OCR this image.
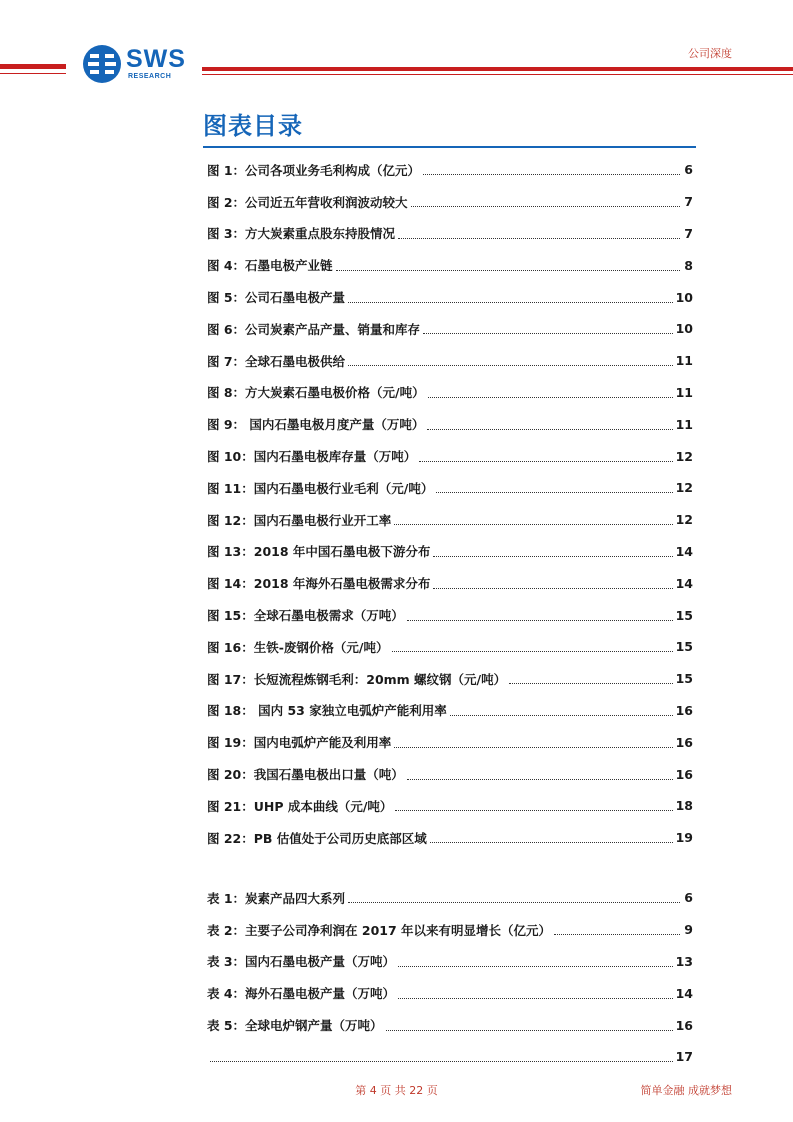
SWS
RESEARCH
公司深度
图表目录
图 1：公司各项业务毛利构成（亿元）	6
图 2：公司近五年营收利润波动较大	7
图 3：方大炭素重点股东持股情况	7
图 4：石墨电极产业链	8
图 5：公司石墨电极产量	10
图 6：公司炭素产品产量、销量和库存	10
图 7：全球石墨电极供给	11
图 8：方大炭素石墨电极价格（元/吨）	11
图 9： 国内石墨电极月度产量（万吨）	11
图 10：国内石墨电极库存量（万吨）	12
图 11：国内石墨电极行业毛利（元/吨）	12
图 12：国内石墨电极行业开工率	12
图 13：2018 年中国石墨电极下游分布	14
图 14：2018 年海外石墨电极需求分布	14
图 15：全球石墨电极需求（万吨）	15
图 16：生铁-废钢价格（元/吨）	15
图 17：长短流程炼钢毛利：20mm 螺纹钢（元/吨）	15
图 18： 国内 53 家独立电弧炉产能利用率	16
图 19：国内电弧炉产能及利用率	16
图 20：我国石墨电极出口量（吨）	16
图 21：UHP 成本曲线（元/吨）	18
图 22：PB 估值处于公司历史底部区域	19
表 1：炭素产品四大系列	6
表 2：主要子公司净利润在 2017 年以来有明显增长（亿元）	9
表 3：国内石墨电极产量（万吨）	13
表 4：海外石墨电极产量（万吨）	14
表 5：全球电炉钢产量（万吨）	16
17
第 4 页 共 22 页	简单金融 成就梦想
